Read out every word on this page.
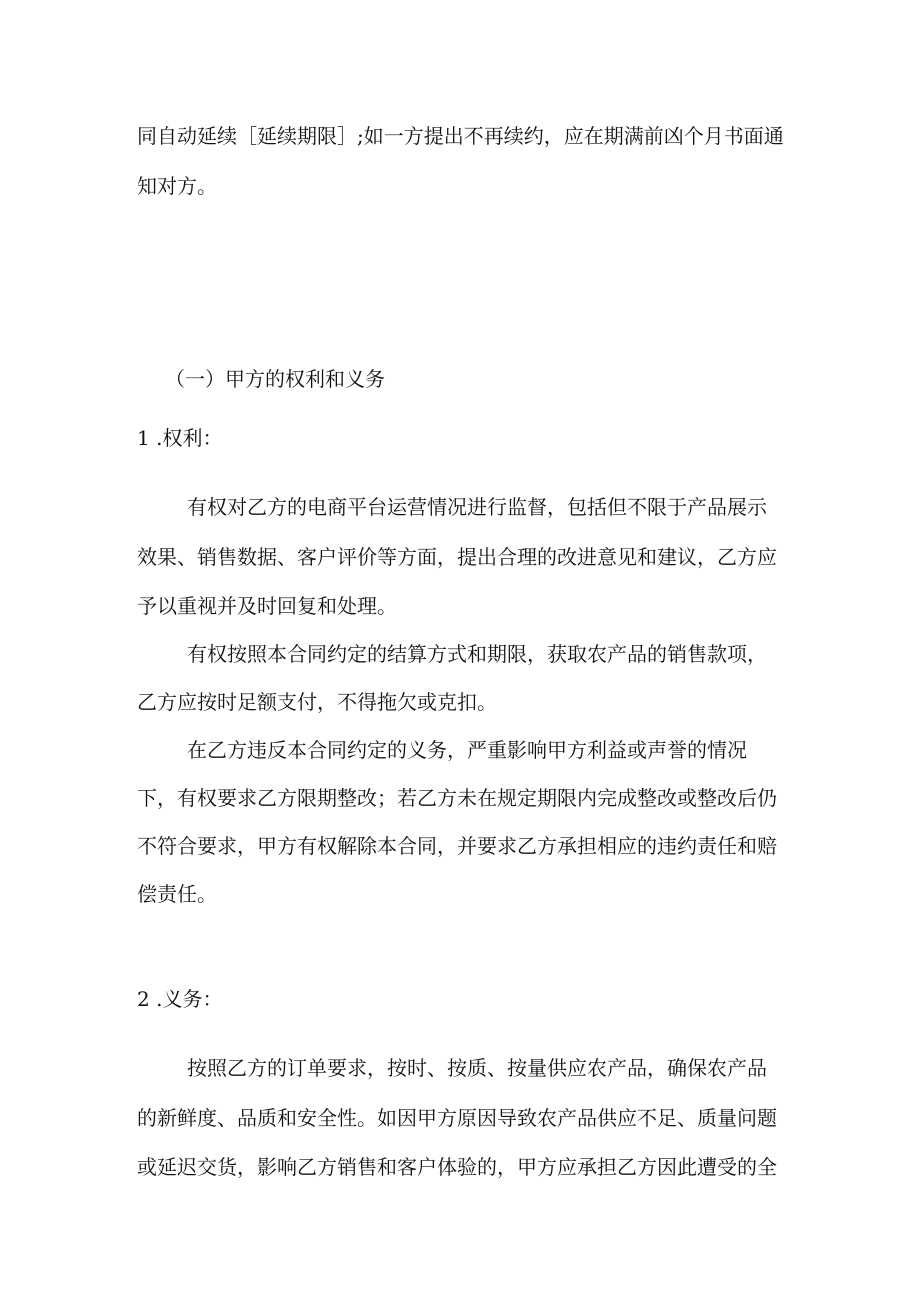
同自动延续［延续期限］;如一方提出不再续约，应在期满前凶个月书面通

知对方。

（一）甲方的权利和义务

1 .权利：

有权对乙方的电商平台运营情况进行监督，包括但不限于产品展示

效果、销售数据、客户评价等方面，提出合理的改进意见和建议，乙方应

予以重视并及时回复和处理。

有权按照本合同约定的结算方式和期限，获取农产品的销售款项，

乙方应按时足额支付，不得拖欠或克扣。

在乙方违反本合同约定的义务，严重影响甲方利益或声誉的情况

下，有权要求乙方限期整改；若乙方未在规定期限内完成整改或整改后仍

不符合要求，甲方有权解除本合同，并要求乙方承担相应的违约责任和赔

偿责任。

2 .义务：

按照乙方的订单要求，按时、按质、按量供应农产品，确保农产品

的新鲜度、品质和安全性。如因甲方原因导致农产品供应不足、质量问题

或延迟交货，影响乙方销售和客户体验的，甲方应承担乙方因此遭受的全
